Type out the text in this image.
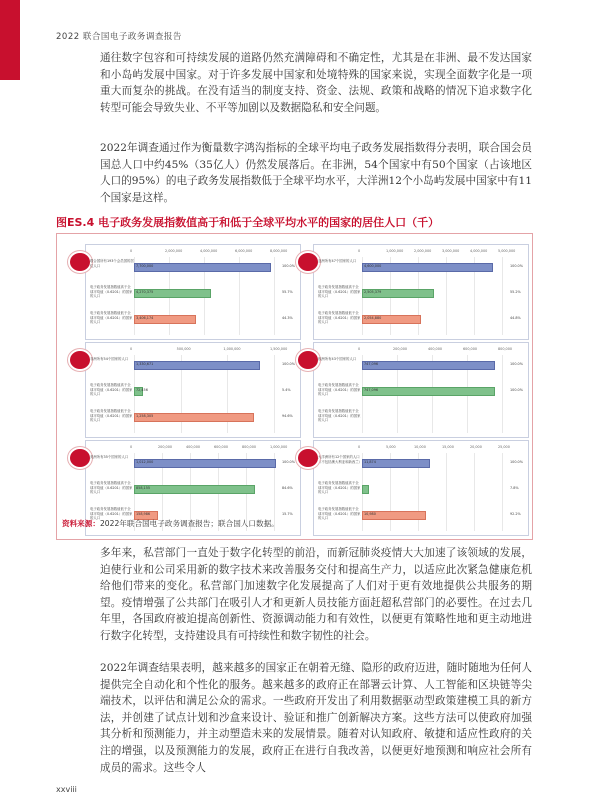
2022 联合国电子政务调查报告

通往数字包容和可持续发展的道路仍然充满障碍和不确定性，尤其是在非洲、最不发达国家和小岛屿发展中国家。对于许多发展中国家和处境特殊的国家来说，实现全面数字化是一项重大而复杂的挑战。在没有适当的制度支持、资金、法规、政策和战略的情况下追求数字化转型可能会导致失业、不平等加剧以及数据隐私和安全问题。

2022年调查通过作为衡量数字鸿沟指标的全球平均电子政务发展指数得分表明，联合国会员国总人口中约45%（35亿人）仍然发展落后。在非洲，54个国家中有50个国家（占该地区人口的95%）的电子政务发展指数低于全球平均水平，大洋洲12个小岛屿发展中国家中有11个国家是这样。

图ES.4 电子政务发展指数值高于和低于全球平均水平的国家的居住人口（千）
0	2,000,000	4,000,000	6,000,000	8,000,000
联合国所有193个会员国的居住人口	7,700,000	100.0%
电子政务发展指数值高于全球平均值（0.6201）的国家的人口
4,270,375	55.7%
电子政务发展指数值低于全球平均值（0.6201）的国家的人口
3,406,174	44.3%
0	1,000,000	2,000,000	3,000,000	4,000,000	5,000,000
亚洲所有47个国家的人口
4,600,000	100.0%
电子政务发展指数值高于全球平均值（0.6201）的国家的人口
2,505,379	55.2%
电子政务发展指数值低于全球平均值（0.6201）的国家的人口
2,054,880	44.8%
0	500,000	1,000,000	1,500,000
非洲所有54个国家的人口
1,330,671	100.0%
电子政务发展指数值高于全球平均值（0.6201）的国家的人口
72,456	5.4%
电子政务发展指数值低于全球平均值（0.6201）的国家的人口
1,258,305	94.6%
0	200,000	400,000	600,000	800,000
欧洲所有43个国家的人口
747,096	100.0%
电子政务发展指数值高于全球平均值（0.6201）的国家的人口
747,096	100.0%
电子政务发展指数值低于全球平均值（0.6201）的国家的人口
0	200,000	400,000	600,000	800,000	1,000,000
美洲所有35个国家的人口
1,012,000	100.0%
电子政务发展指数值高于全球平均值（0.6201）的国家的人口
858,155	84.6%
电子政务发展指数值低于全球平均值（0.6201）的国家的人口
158,986	15.7%
0	5,000	10,000	15,000	20,000	25,000
大洋洲所有12个国家的人口（不包括澳大利亚和新西兰） 11,874	100.0%
电子政务发展指数值高于全球平均值（0.6201）的国家的人口
7.8%
电子政务发展指数值低于全球平均值（0.6201）的国家的人口
10,980	92.2%
资料来源：2022年联合国电子政务调查报告；联合国人口数据。

多年来，私营部门一直处于数字化转型的前沿，而新冠肺炎疫情大大加速了该领域的发展，迫使行业和公司采用新的数字技术来改善服务交付和提高生产力，以适应此次紧急健康危机给他们带来的变化。私营部门加速数字化发展提高了人们对于更有效地提供公共服务的期望。疫情增强了公共部门在吸引人才和更新人员技能方面赶超私营部门的必要性。在过去几年里，各国政府被迫提高创新性、资源调动能力和有效性，以便更有策略性地和更主动地进行数字化转型，支持建设具有可持续性和数字韧性的社会。

2022年调查结果表明，越来越多的国家正在朝着无缝、隐形的政府迈进，随时随地为任何人提供完全自动化和个性化的服务。越来越多的政府正在部署云计算、人工智能和区块链等尖端技术，以评估和满足公众的需求。一些政府开发出了利用数据驱动型政策建模工具的新方法，并创建了试点计划和沙盒来设计、验证和推广创新解决方案。这些方法可以使政府加强其分析和预测能力，并主动塑造未来的发展情景。随着对认知政府、敏捷和适应性政府的关注的增强，以及预测能力的发展，政府正在进行自我改善，以便更好地预测和响应社会所有成员的需求。这些令人

xxviii
